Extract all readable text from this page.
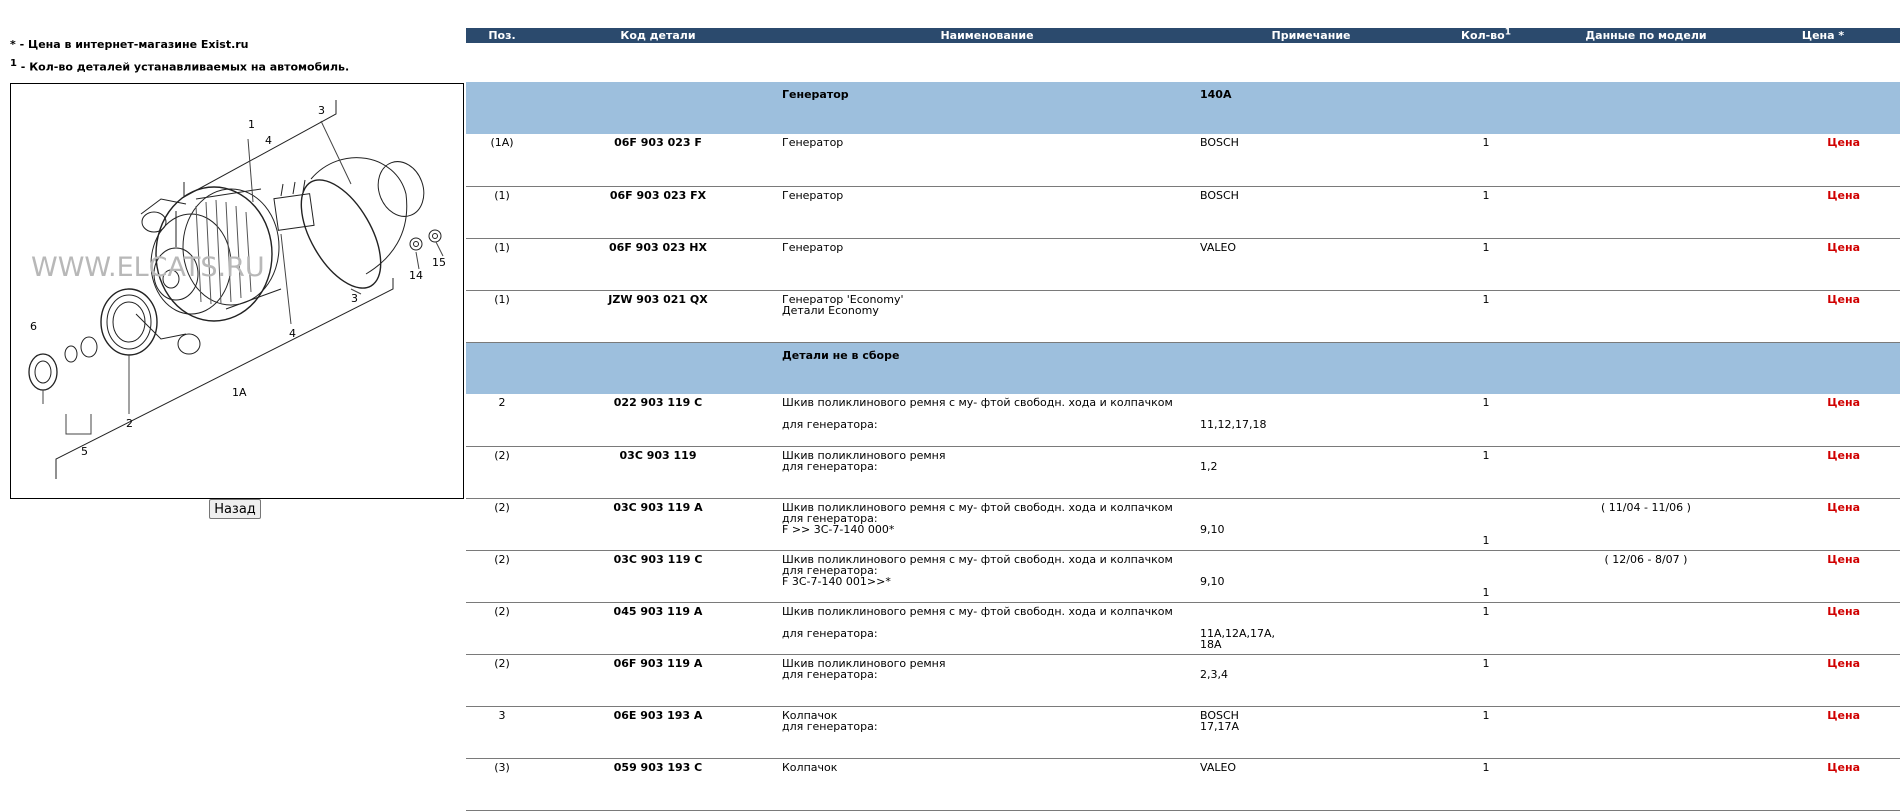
* - Цена в интернет-магазине Exist.ru
$^1$ - Кол-во деталей устанавливаемых на автомобиль.
WWW.ELCATS.RU
1
3
4
14
15
3
4
6
2
5
1A
Назад
Поз.	Код детали	Наименование	Примечание	Кол-$во^1$	Данные по модели	Цена *

		Генератор	140A			
(1A)	06F 903 023 F	Генератор	BOSCH	1		Цена
(1)	06F 903 023 FX	Генератор	BOSCH	1		Цена
(1)	06F 903 023 HX	Генератор	VALEO	1		Цена
(1)	JZW 903 021 QX	Генератор 'Economy'
Детали Economy		1		Цена
		Детали не в сборе				
2	022 903 119 C	Шкив поликлинового ремня с му- фтой свободн. хода и колпачком
для генератора:	11,12,17,18	1		Цена
(2)	03C 903 119	Шкив поликлинового ремня
для генератора:	1,2	1		Цена
(2)	03C 903 119 A	Шкив поликлинового ремня с му- фтой свободн. хода и колпачком
для генератора:
F >> 3C-7-140 000*	9,10	1	( 11/04 - 11/06 )	Цена
(2)	03C 903 119 C	Шкив поликлинового ремня с му- фтой свободн. хода и колпачком
для генератора:
F 3C-7-140 001>>*	9,10	1	( 12/06 - 8/07 )	Цена
(2)	045 903 119 A	Шкив поликлинового ремня с му- фтой свободн. хода и колпачком
для генератора:	11A,12A,17A,
18A	1		Цена
(2)	06F 903 119 A	Шкив поликлинового ремня
для генератора:	2,3,4	1		Цена
3	06E 903 193 A	Колпачок
для генератора:	BOSCH
17,17A	1		Цена
(3)	059 903 193 C	Колпачок	VALEO	1		Цена
